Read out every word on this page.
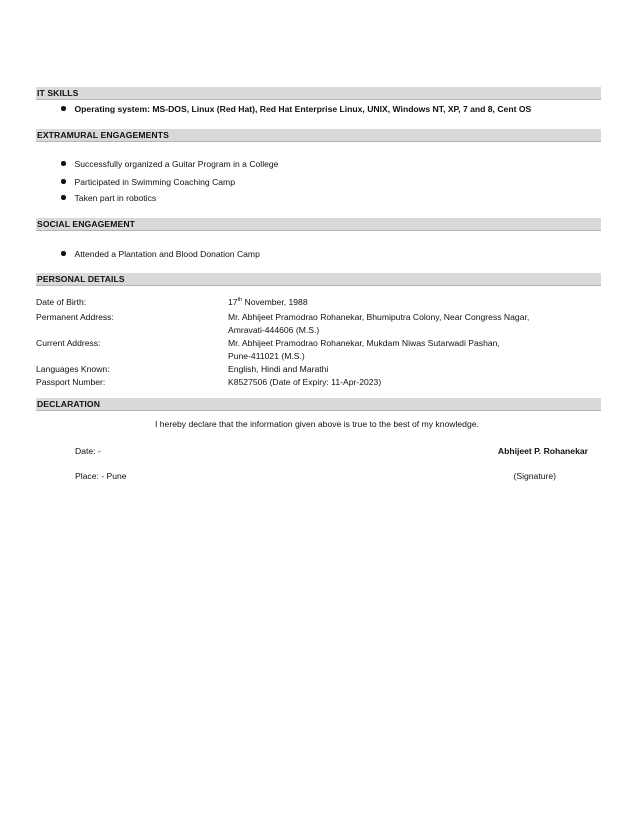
IT SKILLS
Operating system: MS-DOS, Linux (Red Hat), Red Hat Enterprise Linux, UNIX, Windows NT, XP, 7 and 8, Cent OS
EXTRAMURAL ENGAGEMENTS
Successfully organized a Guitar Program in a College
Participated in Swimming Coaching Camp
Taken part in robotics
SOCIAL ENGAGEMENT
Attended a Plantation and Blood Donation Camp
PERSONAL DETAILS
Date of Birth:	17th November, 1988
Permanent Address:	Mr. Abhijeet Pramodrao Rohanekar, Bhumiputra Colony, Near Congress Nagar,
Amravati-444606 (M.S.)
Current Address:	Mr. Abhijeet Pramodrao Rohanekar, Mukdam Niwas Sutarwadi Pashan,
Pune-411021 (M.S.)
Languages Known:	English, Hindi and Marathi
Passport Number:	K8527506 (Date of Expiry: 11-Apr-2023)
DECLARATION
I hereby declare that the information given above is true to the best of my knowledge.
Date: -	Abhijeet P. Rohanekar
Place: - Pune	(Signature)
